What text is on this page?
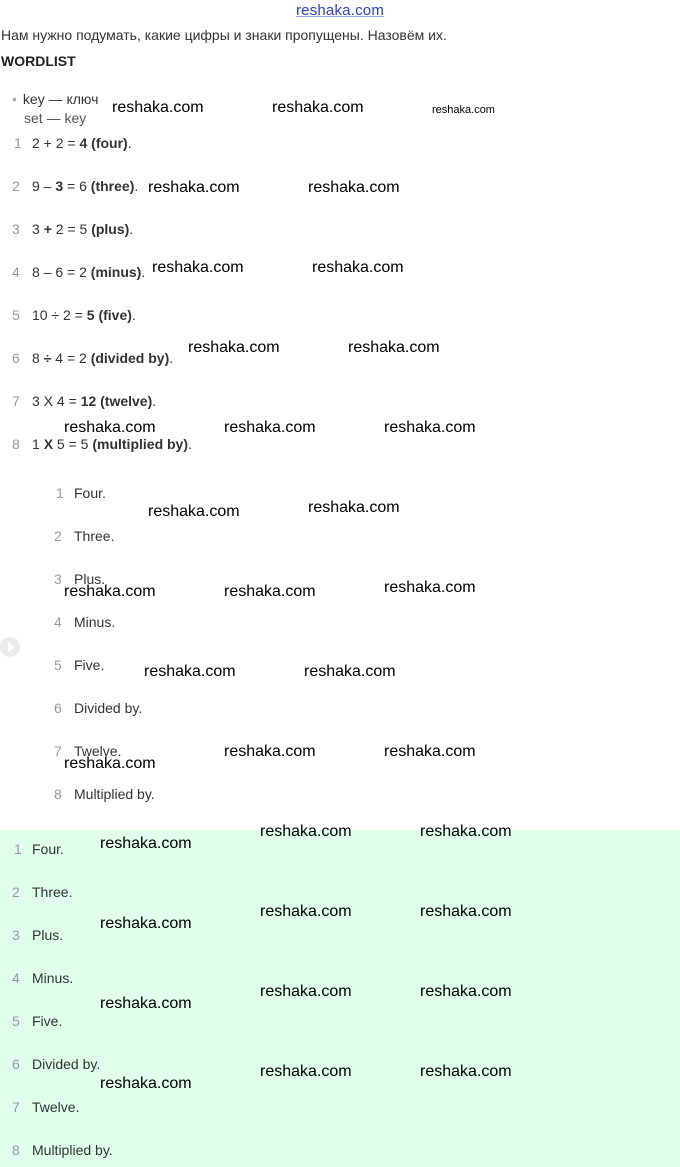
reshaka.com
Нам нужно подумать, какие цифры и знаки пропущены. Назовём их.
WORDLIST
• key — ключ
set — key
1 2 + 2 = 4 (four).
2 9 – 3 = 6 (three).
3 3 + 2 = 5 (plus).
4 8 – 6 = 2 (minus).
5 10 ÷ 2 = 5 (five).
6 8 ÷ 4 = 2 (divided by).
7 3 X 4 = 12 (twelve).
8 1 X 5 = 5 (multiplied by).
1 Four.
2 Three.
3 Plus.
4 Minus.
5 Five.
6 Divided by.
7 Twelve.
8 Multiplied by.
1 Four.
2 Three.
3 Plus.
4 Minus.
5 Five.
6 Divided by.
7 Twelve.
8 Multiplied by.
reshaka.com	reshaka.com	reshaka.com
reshaka.com	reshaka.com
reshaka.com	reshaka.com
reshaka.com	reshaka.com
reshaka.com	reshaka.com	reshaka.com
reshaka.com	reshaka.com
reshaka.com	reshaka.com	reshaka.com
reshaka.com	reshaka.com
reshaka.com	reshaka.com
reshaka.com
reshaka.com	reshaka.com
reshaka.com
reshaka.com	reshaka.com
reshaka.com
reshaka.com	reshaka.com
reshaka.com
reshaka.com	reshaka.com
reshaka.com
